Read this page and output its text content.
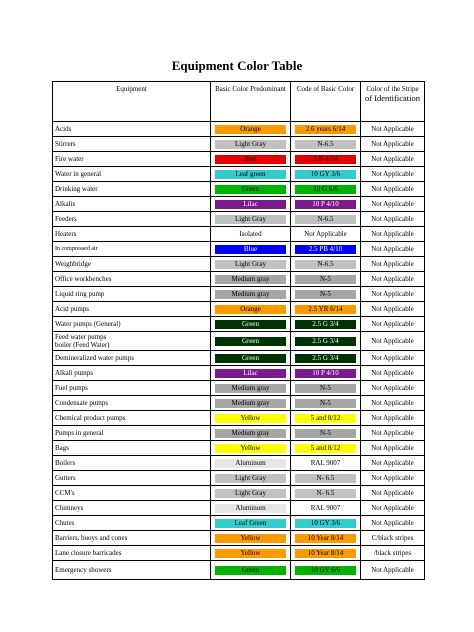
Equipment Color Table
Equipment	Basic Color Predominant	Code of Basic Color	Color of the Stripe
of Identification

Acids	Orange	2.6 years 6/14	Not Applicable
Stirrers	Light Gray	N-6.5	Not Applicable
Fire water	Red	5 R 4/14	Not Applicable
Water in general	Leaf green	10 GY 3/6	Not Applicable
Drinking water	Green	10 G 6/6	Not Applicable
Alkalis	Lilac	10 P 4/10	Not Applicable
Feeders	Light Gray	N-6.5	Not Applicable
Heaters	Isolated	Not Applicable	Not Applicable
In compressed air	Blue	2.5 PB 4/10	Not Applicable
Weighbridge	Light Gray	N-6.5	Not Applicable
Office workbenches	Medium gray	N-5	Not Applicable
Liquid ring pump	Medium gray	N-5	Not Applicable
Acid pumps	Orange	2.5 YR 6/14	Not Applicable
Water pumps (General)	Green	2.5 G 3/4	Not Applicable
Feed water pumps
boiler (Feed Water)	Green	2.5 G 3/4	Not Applicable
Demineralized water pumps	Green	2.5 G 3/4	Not Applicable
Alkali pumps	Lilac	10 P 4/10	Not Applicable
Fuel pumps	Medium gray	N-5	Not Applicable
Condensate pumps	Medium gray	N-5	Not Applicable
Chemical product pumps	Yellow	5 and 8/12	Not Applicable
Pumps in general	Medium gray	N-5	Not Applicable
Bags	Yellow	5 and 8/12	Not Applicable
Boilers	Aluminum	RAL 9007	Not Applicable
Gutters	Light Gray	N- 6.5	Not Applicable
CCM's	Light Gray	N- 6.5	Not Applicable
Chimneys	Aluminum	RAL 9007	Not Applicable
Chutes	Leaf Green	10 GY 3/6	Not Applicable
Barriers, buoys and cones	Yellow	10 Year 8/14	C/black stripes
Lane closure barricades	Yellow	10 Year 8/14	/black stripes
Emergency showers	Green	10 GY 6/6	Not Applicable
